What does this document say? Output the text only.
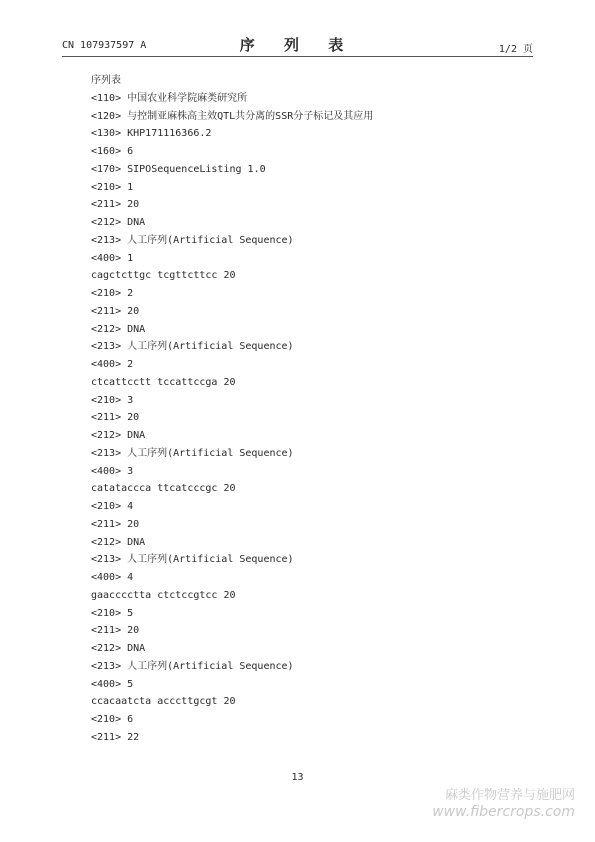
CN 107937597 A	序 列 表	1/2 页
序列表
<110> 中国农业科学院麻类研究所
<120> 与控制亚麻株高主效QTL共分离的SSR分子标记及其应用
<130> KHP171116366.2
<160> 6
<170> SIPOSequenceListing 1.0
<210> 1
<211> 20
<212> DNA
<213> 人工序列(Artificial Sequence)
<400> 1
cagctcttgc tcgttcttcc 20
<210> 2
<211> 20
<212> DNA
<213> 人工序列(Artificial Sequence)
<400> 2
ctcattcctt tccattccga 20
<210> 3
<211> 20
<212> DNA
<213> 人工序列(Artificial Sequence)
<400> 3
catataccca ttcatcccgc 20
<210> 4
<211> 20
<212> DNA
<213> 人工序列(Artificial Sequence)
<400> 4
gaacccctta ctctccgtcc 20
<210> 5
<211> 20
<212> DNA
<213> 人工序列(Artificial Sequence)
<400> 5
ccacaatcta acccttgcgt 20
<210> 6
<211> 22
13
麻类作物营养与施肥网
www.fibercrops.com
